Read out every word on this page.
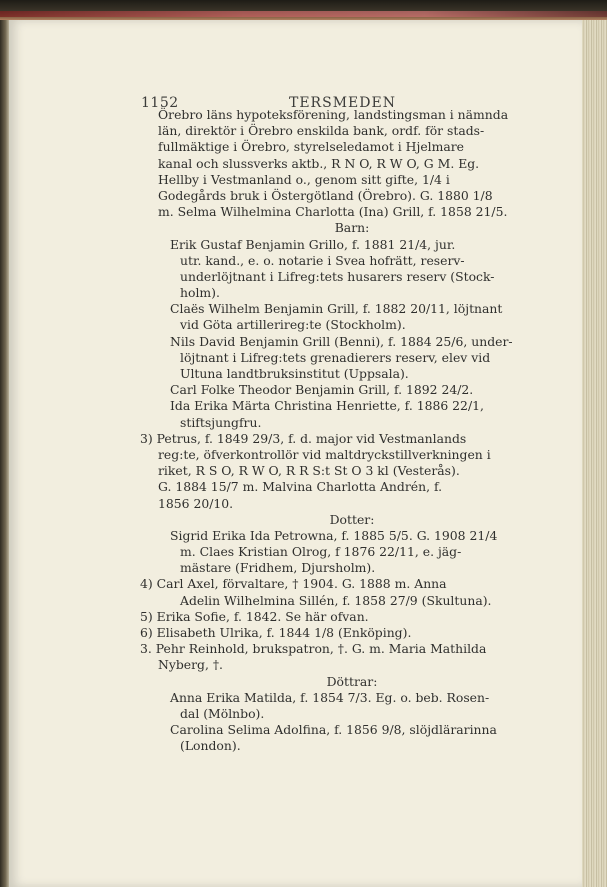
1152	TERSMEDEN
Örebro läns hypoteksförening, landstingsman i nämnda
län, direktör i Örebro enskilda bank, ordf. för stads-
fullmäktige i Örebro, styrelseledamot i Hjelmare
kanal och slussverks aktb., R N O, R W O, G M. Eg.
Hellby i Vestmanland o., genom sitt gifte, 1/4 i
Godegårds bruk i Östergötland (Örebro). G. 1880 1/8
m. Selma Wilhelmina Charlotta (Ina) Grill, f. 1858 21/5.
Barn:
Erik Gustaf Benjamin Grillo, f. 1881 21/4, jur.
utr. kand., e. o. notarie i Svea hofrätt, reserv-
underlöjtnant i Lifreg:tets husarers reserv (Stock-
holm).
Claës Wilhelm Benjamin Grill, f. 1882 20/11, löjtnant
vid Göta artillerireg:te (Stockholm).
Nils David Benjamin Grill (Benni), f. 1884 25/6, under-
löjtnant i Lifreg:tets grenadierers reserv, elev vid
Ultuna landtbruksinstitut (Uppsala).
Carl Folke Theodor Benjamin Grill, f. 1892 24/2.
Ida Erika Märta Christina Henriette, f. 1886 22/1,
stiftsjungfru.
3) Petrus, f. 1849 29/3, f. d. major vid Vestmanlands
reg:te, öfverkontrollör vid maltdryckstillverkningen i
riket, R S O, R W O, R R S:t St O 3 kl (Vesterås).
G. 1884 15/7 m. Malvina Charlotta Andrén, f.
1856 20/10.
Dotter:
Sigrid Erika Ida Petrowna, f. 1885 5/5. G. 1908 21/4
m. Claes Kristian Olrog, f 1876 22/11, e. jäg-
mästare (Fridhem, Djursholm).
4) Carl Axel, förvaltare, † 1904. G. 1888 m. Anna
Adelin Wilhelmina Sillén, f. 1858 27/9 (Skultuna).
5) Erika Sofie, f. 1842. Se här ofvan.
6) Elisabeth Ulrika, f. 1844 1/8 (Enköping).
3. Pehr Reinhold, brukspatron, †. G. m. Maria Mathilda
Nyberg, †.
Döttrar:
Anna Erika Matilda, f. 1854 7/3. Eg. o. beb. Rosen-
dal (Mölnbo).
Carolina Selima Adolfina, f. 1856 9/8, slöjdlärarinna
(London).
